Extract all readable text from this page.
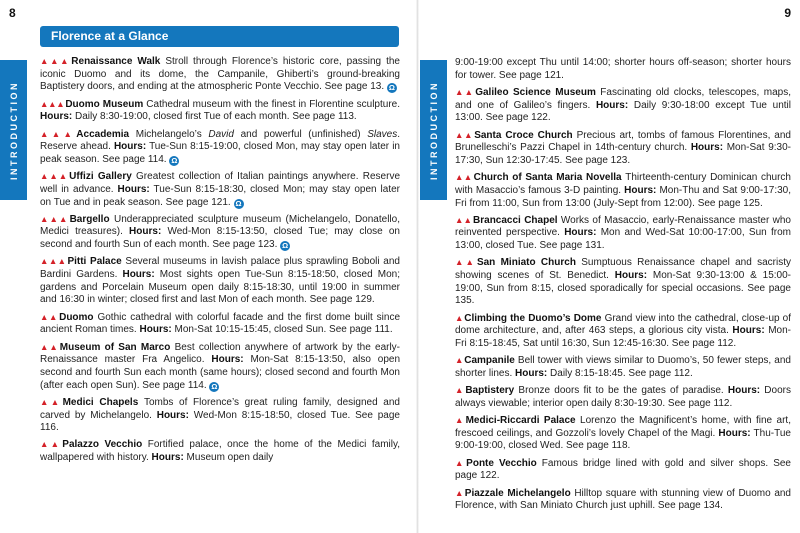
8	9
INTRODUCTION	INTRODUCTION
Florence at a Glance

▲▲▲Renaissance Walk Stroll through Florence’s historic core, passing the iconic Duomo and its dome, the Campanile, Ghiberti’s ground-breaking Baptistery doors, and ending at the atmospheric Ponte Vecchio. See page 13. Ω

▲▲▲Duomo Museum Cathedral museum with the finest in Florentine sculpture. Hours: Daily 8:30-19:00, closed first Tue of each month. See page 113.

▲▲▲Accademia Michelangelo’s David and powerful (unfinished) Slaves. Reserve ahead. Hours: Tue-Sun 8:15-19:00, closed Mon, may stay open later in peak season. See page 114. Ω

▲▲▲Uffizi Gallery Greatest collection of Italian paintings anywhere. Reserve well in advance. Hours: Tue-Sun 8:15-18:30, closed Mon; may stay open later on Tue and in peak season. See page 121. Ω

▲▲▲Bargello Underappreciated sculpture museum (Michelangelo, Donatello, Medici treasures). Hours: Wed-Mon 8:15-13:50, closed Tue; may close on second and fourth Sun of each month. See page 123. Ω

▲▲▲Pitti Palace Several museums in lavish palace plus sprawling Boboli and Bardini Gardens. Hours: Most sights open Tue-Sun 8:15-18:50, closed Mon; gardens and Porcelain Museum open daily 8:15-18:30, until 19:00 in summer and 16:30 in winter; closed first and last Mon of each month. See page 129.

▲▲Duomo Gothic cathedral with colorful facade and the first dome built since ancient Roman times. Hours: Mon-Sat 10:15-15:45, closed Sun. See page 111.

▲▲Museum of San Marco Best collection anywhere of artwork by the early-Renaissance master Fra Angelico. Hours: Mon-Sat 8:15-13:50, also open second and fourth Sun each month (same hours); closed second and fourth Mon (after each open Sun). See page 114. Ω

▲▲Medici Chapels Tombs of Florence’s great ruling family, designed and carved by Michelangelo. Hours: Wed-Mon 8:15-18:50, closed Tue. See page 116.

▲▲Palazzo Vecchio Fortified palace, once the home of the Medici family, wallpapered with history. Hours: Museum open daily

9:00-19:00 except Thu until 14:00; shorter hours off-season; shorter hours for tower. See page 121.

▲▲Galileo Science Museum Fascinating old clocks, telescopes, maps, and one of Galileo’s fingers. Hours: Daily 9:30-18:00 except Tue until 13:00. See page 122.

▲▲Santa Croce Church Precious art, tombs of famous Florentines, and Brunelleschi’s Pazzi Chapel in 14th-century church. Hours: Mon-Sat 9:30-17:30, Sun 12:30-17:45. See page 123.

▲▲Church of Santa Maria Novella Thirteenth-century Dominican church with Masaccio’s famous 3-D painting. Hours: Mon-Thu and Sat 9:00-17:30, Fri from 11:00, Sun from 13:00 (July-Sept from 12:00). See page 125.

▲▲Brancacci Chapel Works of Masaccio, early-Renaissance master who reinvented perspective. Hours: Mon and Wed-Sat 10:00-17:00, Sun from 13:00, closed Tue. See page 131.

▲▲San Miniato Church Sumptuous Renaissance chapel and sacristy showing scenes of St. Benedict. Hours: Mon-Sat 9:30-13:00 & 15:00-19:00, Sun from 8:15, closed sporadically for special occasions. See page 135.

▲Climbing the Duomo’s Dome Grand view into the cathedral, close-up of dome architecture, and, after 463 steps, a glorious city vista. Hours: Mon-Fri 8:15-18:45, Sat until 16:30, Sun 12:45-16:30. See page 112.

▲Campanile Bell tower with views similar to Duomo’s, 50 fewer steps, and shorter lines. Hours: Daily 8:15-18:45. See page 112.

▲Baptistery Bronze doors fit to be the gates of paradise. Hours: Doors always viewable; interior open daily 8:30-19:30. See page 112.

▲Medici-Riccardi Palace Lorenzo the Magnificent’s home, with fine art, frescoed ceilings, and Gozzoli’s lovely Chapel of the Magi. Hours: Thu-Tue 9:00-19:00, closed Wed. See page 118.

▲Ponte Vecchio Famous bridge lined with gold and silver shops. See page 122.

▲Piazzale Michelangelo Hilltop square with stunning view of Duomo and Florence, with San Miniato Church just uphill. See page 134.
